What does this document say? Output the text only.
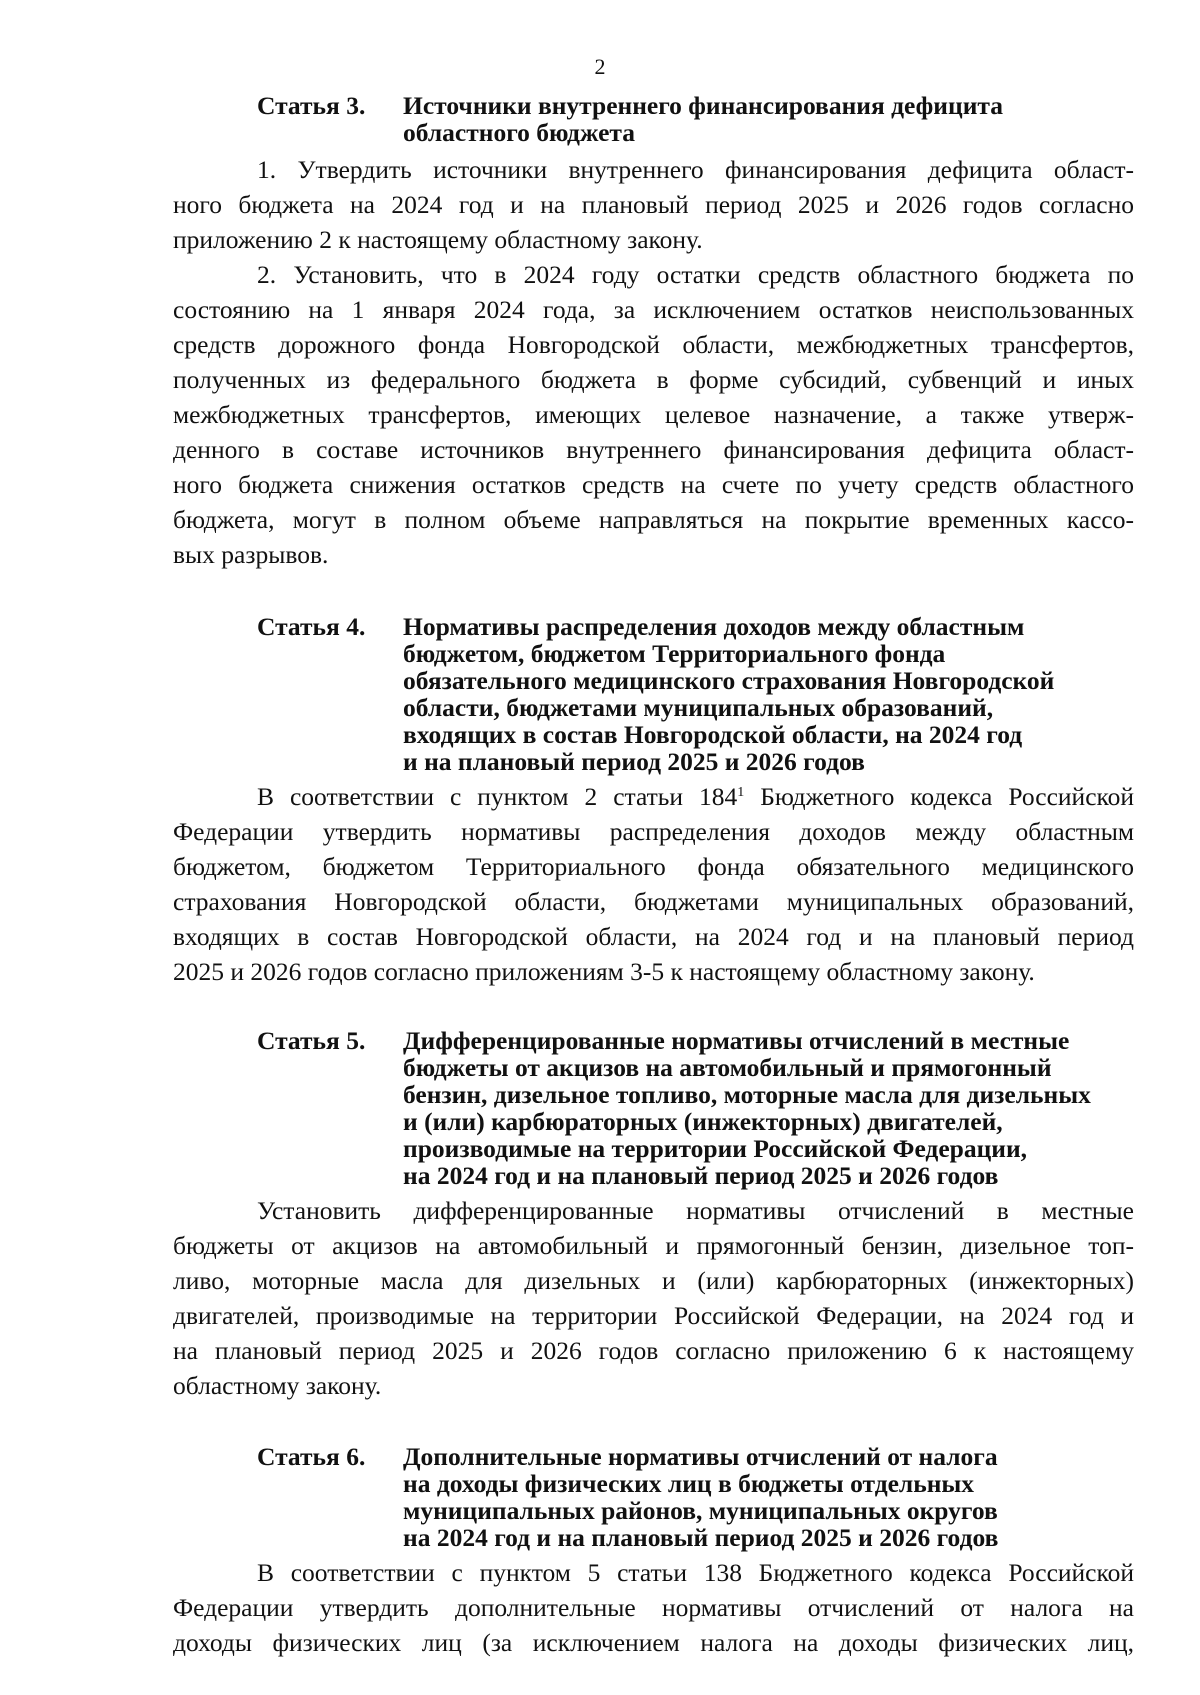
2
Статья 3.	Источники внутреннего финансирования дефицита
областного бюджета

1. Утвердить источники внутреннего финансирования дефицита област-
ного бюджета на 2024 год и на плановый период 2025 и 2026 годов согласно
приложению 2 к настоящему областному закону.

2. Установить, что в 2024 году остатки средств областного бюджета по
состоянию на 1 января 2024 года, за исключением остатков неиспользованных
средств дорожного фонда Новгородской области, межбюджетных трансфертов,
полученных из федерального бюджета в форме субсидий, субвенций и иных
межбюджетных трансфертов, имеющих целевое назначение, а также утверж-
денного в составе источников внутреннего финансирования дефицита област-
ного бюджета снижения остатков средств на счете по учету средств областного
бюджета, могут в полном объеме направляться на покрытие временных кассо-
вых разрывов.

Статья 4.	Нормативы распределения доходов между областным
бюджетом, бюджетом Территориального фонда
обязательного медицинского страхования Новгородской
области, бюджетами муниципальных образований,
входящих в состав Новгородской области, на 2024 год
и на плановый период 2025 и 2026 годов

В соответствии с пунктом 2 статьи $184^1$ Бюджетного кодекса Российской
Федерации утвердить нормативы распределения доходов между областным
бюджетом, бюджетом Территориального фонда обязательного медицинского
страхования Новгородской области, бюджетами муниципальных образований,
входящих в состав Новгородской области, на 2024 год и на плановый период
2025 и 2026 годов согласно приложениям 3-5 к настоящему областному закону.

Статья 5.	Дифференцированные нормативы отчислений в местные
бюджеты от акцизов на автомобильный и прямогонный
бензин, дизельное топливо, моторные масла для дизельных
и (или) карбюраторных (инжекторных) двигателей,
производимые на территории Российской Федерации,
на 2024 год и на плановый период 2025 и 2026 годов

Установить дифференцированные нормативы отчислений в местные
бюджеты от акцизов на автомобильный и прямогонный бензин, дизельное топ-
ливо, моторные масла для дизельных и (или) карбюраторных (инжекторных)
двигателей, производимые на территории Российской Федерации, на 2024 год и
на плановый период 2025 и 2026 годов согласно приложению 6 к настоящему
областному закону.

Статья 6.	Дополнительные нормативы отчислений от налога
на доходы физических лиц в бюджеты отдельных
муниципальных районов, муниципальных округов
на 2024 год и на плановый период 2025 и 2026 годов

В соответствии с пунктом 5 статьи 138 Бюджетного кодекса Российской
Федерации утвердить дополнительные нормативы отчислений от налога на
доходы физических лиц (за исключением налога на доходы физических лиц,
